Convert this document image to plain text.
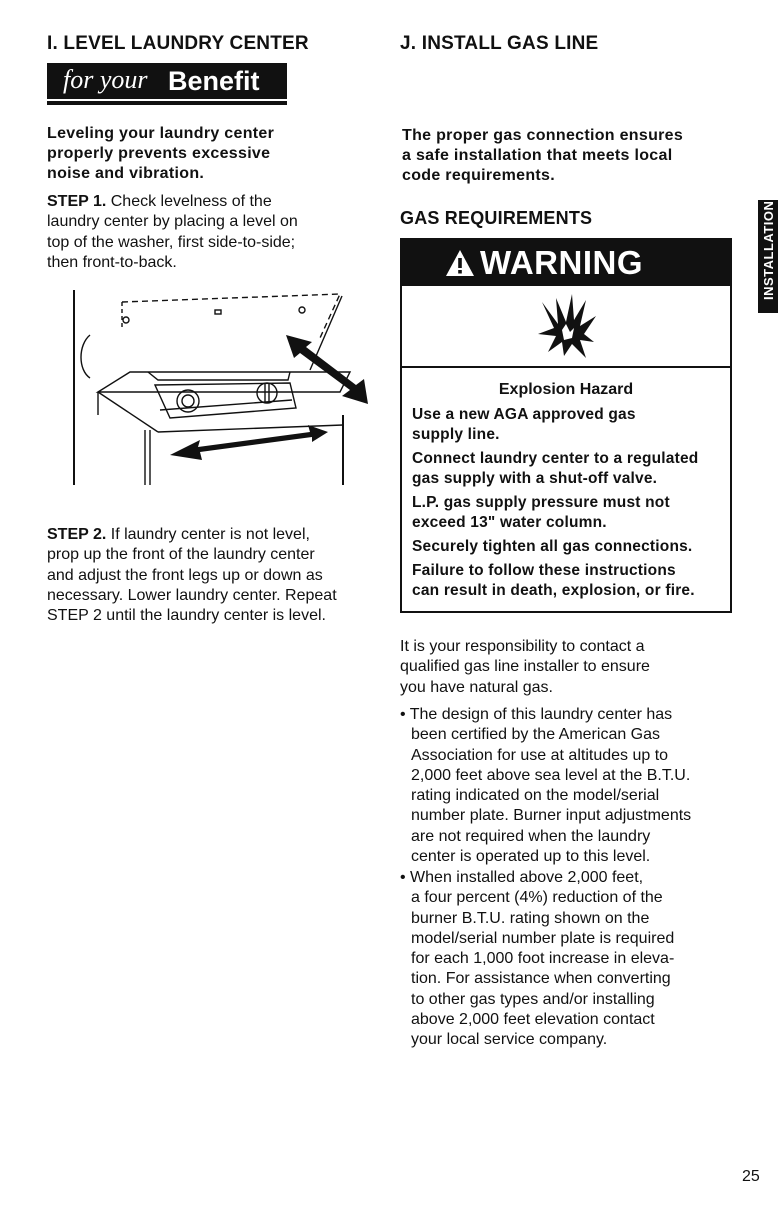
I. LEVEL LAUNDRY CENTER
for your Benefit
Leveling your laundry center
properly prevents excessive
noise and vibration.
STEP 1. Check levelness of the
laundry center by placing a level on
top of the washer, first side-to-side;
then front-to-back.
STEP 2. If laundry center is not level,
prop up the front of the laundry center
and adjust the front legs up or down as
necessary. Lower laundry center. Repeat
STEP 2 until the laundry center is level.
J. INSTALL GAS LINE
The proper gas connection ensures
a safe installation that meets local
code requirements.
GAS REQUIREMENTS
WARNING
Explosion Hazard
Use a new AGA approved gas
supply line.
Connect laundry center to a regulated
gas supply with a shut-off valve.
L.P. gas supply pressure must not
exceed 13" water column.
Securely tighten all gas connections.
Failure to follow these instructions
can result in death, explosion, or fire.
It is your responsibility to contact a
qualified gas line installer to ensure
you have natural gas.
• The design of this laundry center has
been certified by the American Gas
Association for use at altitudes up to
2,000 feet above sea level at the B.T.U.
rating indicated on the model/serial
number plate. Burner input adjustments
are not required when the laundry
center is operated up to this level.
• When installed above 2,000 feet,
a four percent (4%) reduction of the
burner B.T.U. rating shown on the
model/serial number plate is required
for each 1,000 foot increase in eleva-
tion. For assistance when converting
to other gas types and/or installing
above 2,000 feet elevation contact
your local service company.
INSTALLATION
25
